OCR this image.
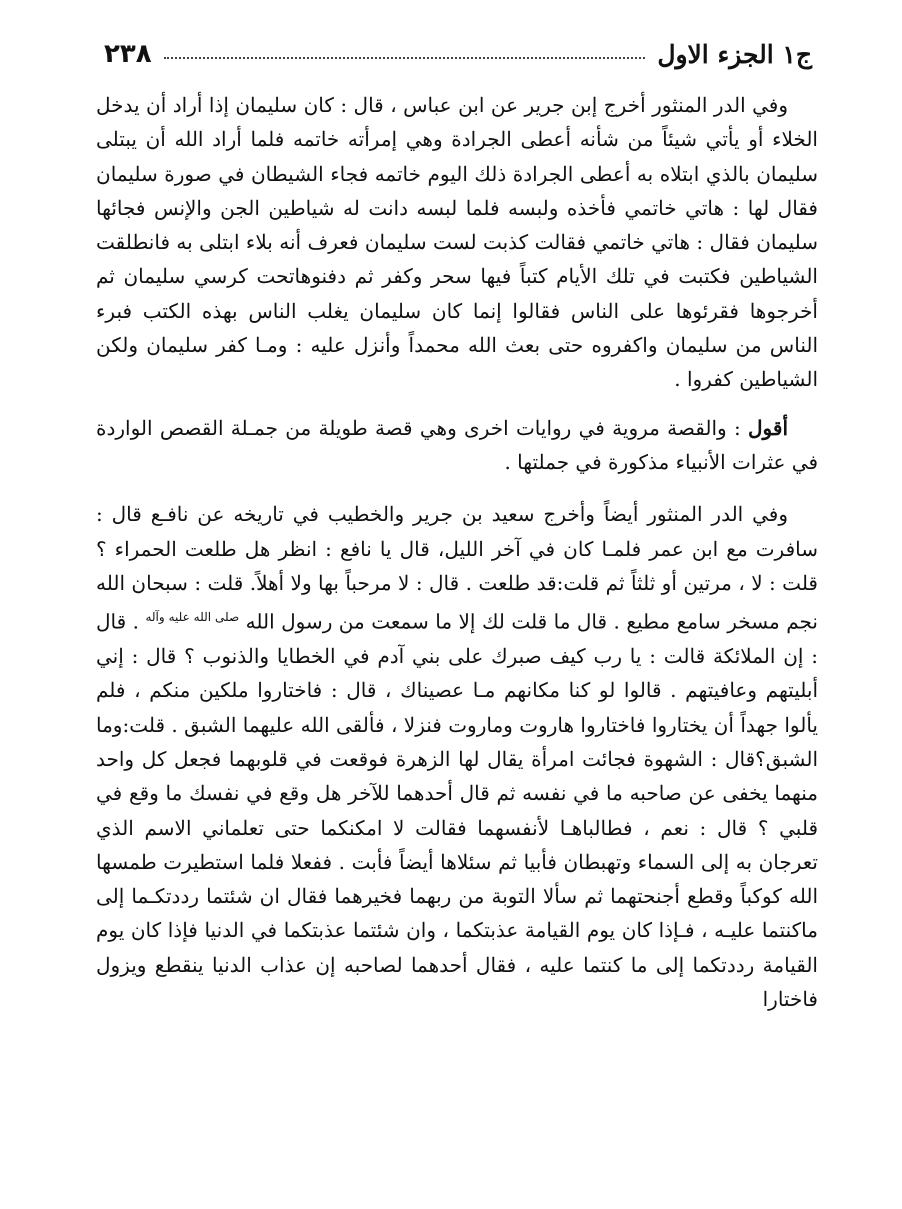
ج١ الجزء الاول
٢٣٨

وفي الدر المنثور أخرج إبن جرير عن ابن عباس ، قال : كان سليمان إذا أراد أن يدخل الخلاء أو يأتي شيئاً من شأنه أعطى الجرادة وهي إمرأته خاتمه فلما أراد الله أن يبتلى سليمان بالذي ابتلاه به أعطى الجرادة ذلك اليوم خاتمه فجاء الشيطان في صورة سليمان فقال لها : هاتي خاتمي فأخذه ولبسه فلما لبسه دانت له شياطين الجن والإنس فجائها سليمان فقال : هاتي خاتمي فقالت كذبت لست سليمان فعرف أنه بلاء ابتلى به فانطلقت الشياطين فكتبت في تلك الأيام كتباً فيها سحر وكفر ثم دفنوهاتحت كرسي سليمان ثم أخرجوها فقرئوها على الناس فقالوا إنما كان سليمان يغلب الناس بهذه الكتب فبرء الناس من سليمان واكفروه حتى بعث الله محمداً وأنزل عليه : ومـا كفر سليمان ولكن الشياطين كفروا .

أقول : والقصة مروية في روايات اخرى وهي قصة طويلة من جمـلة القصص الواردة في عثرات الأنبياء مذكورة في جملتها .

وفي الدر المنثور أيضاً وأخرج سعيد بن جرير والخطيب في تاريخه عن نافـع قال : سافرت مع ابن عمر فلمـا كان في آخر الليل، قال يا نافع : انظر هل طلعت الحمراء ؟ قلت : لا ، مرتين أو ثلثاً ثم قلت:قد طلعت . قال : لا مرحباً بها ولا أهلاً. قلت : سبحان الله نجم مسخر سامع مطيع . قال ما قلت لك إلا ما سمعت من رسول الله $^{صلى الله عليه وآله}$ . قال : إن الملائكة قالت : يا رب كيف صبرك على بني آدم في الخطايا والذنوب ؟ قال : إني أبليتهم وعافيتهم . قالوا لو كنا مكانهم مـا عصيناك ، قال : فاختاروا ملكين منكم ، فلم يألوا جهداً أن يختاروا فاختاروا هاروت وماروت فنزلا ، فألقى الله عليهما الشبق . قلت:وما الشبق؟قال : الشهوة فجائت امرأة يقال لها الزهرة فوقعت في قلوبهما فجعل كل واحد منهما يخفى عن صاحبه ما في نفسه ثم قال أحدهما للآخر هل وقع في نفسك ما وقع في قلبي ؟ قال : نعم ، فطالباهـا لأنفسهما فقالت لا امكنكما حتى تعلماني الاسم الذي تعرجان به إلى السماء وتهبطان فأبيا ثم سئلاها أيضاً فأبت . ففعلا فلما استطيرت طمسها الله كوكباً وقطع أجنحتهما ثم سألا التوبة من ربهما فخيرهما فقال ان شئتما رددتكـما إلى ماكنتما عليـه ، فـإذا كان يوم القيامة عذبتكما ، وان شئتما عذبتكما في الدنيا فإذا كان يوم القيامة رددتكما إلى ما كنتما عليه ، فقال أحدهما لصاحبه إن عذاب الدنيا ينقطع ويزول فاختارا
